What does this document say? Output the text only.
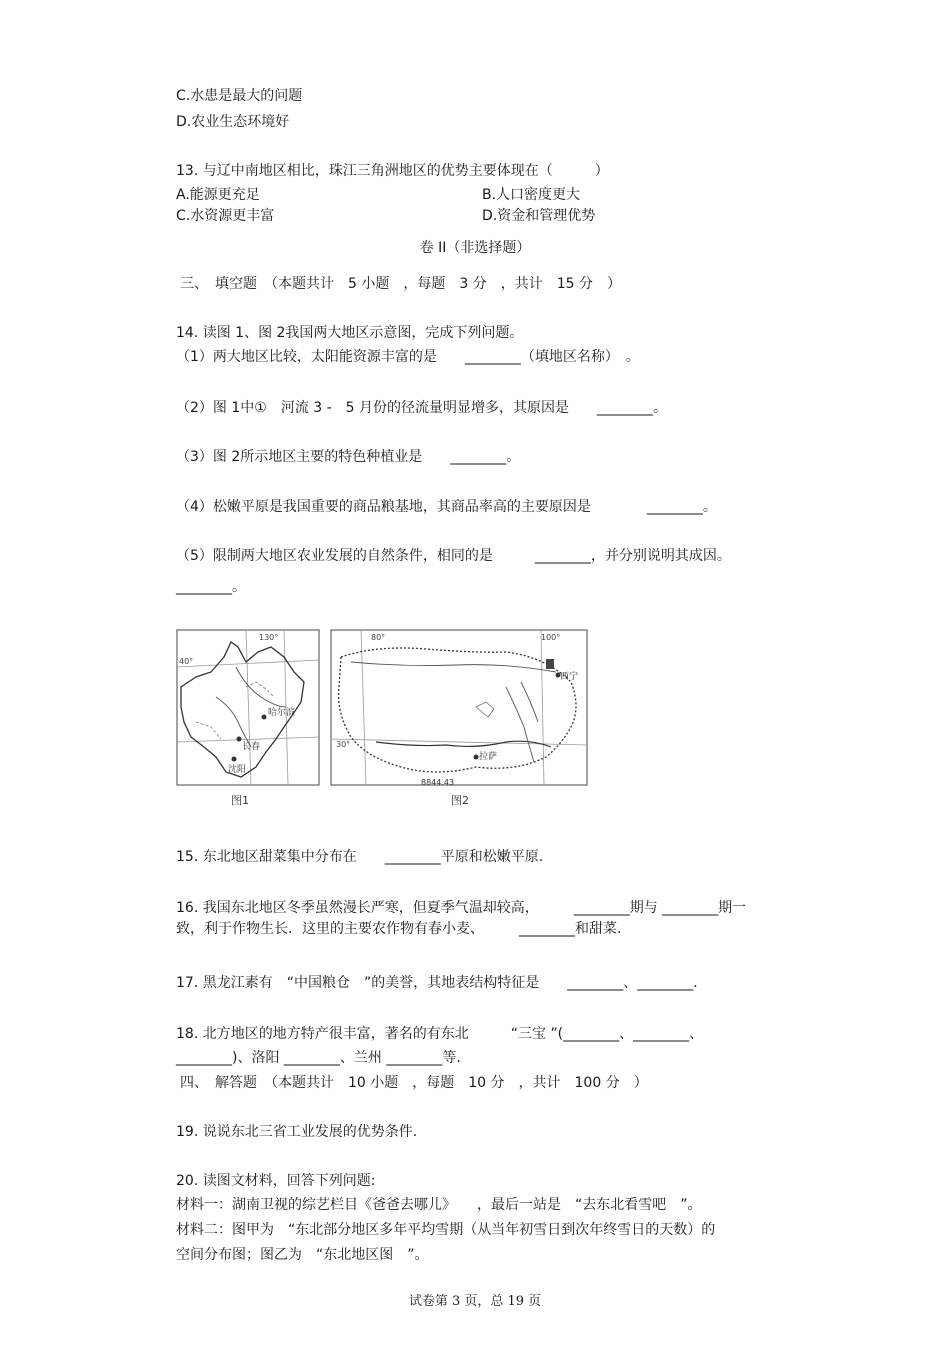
C.水患是最大的问题
D.农业生态环境好
13. 与辽中南地区相比，珠江三角洲地区的优势主要体现在（　　　）
A.能源更充足	B.人口密度更大
C.水资源更丰富	D.资金和管理优势
卷 II（非选择题）
三、　填空题　（本题共计　5 小题　，每题　3 分　，共计　15 分　）
14. 读图 1、图 2我国两大地区示意图，完成下列问题。
（1）两大地区比较，太阳能资源丰富的是　　________（填地区名称）　。
（2）图 1中①　河流 3 -　5 月份的径流量明显增多，其原因是　　________。
（3）图 2所示地区主要的特色种植业是　　________。
（4）松嫩平原是我国重要的商品粮基地，其商品率高的主要原因是　　　　________。
（5）限制两大地区农业发展的自然条件，相同的是　　　________，并分别说明其成因。
________。
哈尔滨
长春
沈阳
130°
40°
图1
拉萨
西宁
80°	100°
30°
8844.43
图2
15. 东北地区甜菜集中分布在　　________平原和松嫩平原.
16. 我国东北地区冬季虽然漫长严寒，但夏季气温却较高，　　　________期与 ________期一
致，利于作物生长．这里的主要农作物有春小麦、　　　________和甜菜.
17. 黑龙江素有　“中国粮仓　”的美誉，其地表结构特征是　　________、________.
18. 北方地区的地方特产很丰富，著名的有东北　　　“三宝 ”(________、________、
________)、洛阳 ________、兰州 ________等.
四、　解答题　（本题共计　10 小题　，每题　10 分　，共计　100 分　）
19. 说说东北三省工业发展的优势条件.
20. 读图文材料，回答下列问题:
材料一：湖南卫视的综艺栏目《爸爸去哪儿》　　，最后一站是　“去东北看雪吧　”。
材料二：图甲为　“东北部分地区多年平均雪期（从当年初雪日到次年终雪日的天数）的
空间分布图；图乙为　“东北地区图　”。
试卷第 3 页，总 19 页
